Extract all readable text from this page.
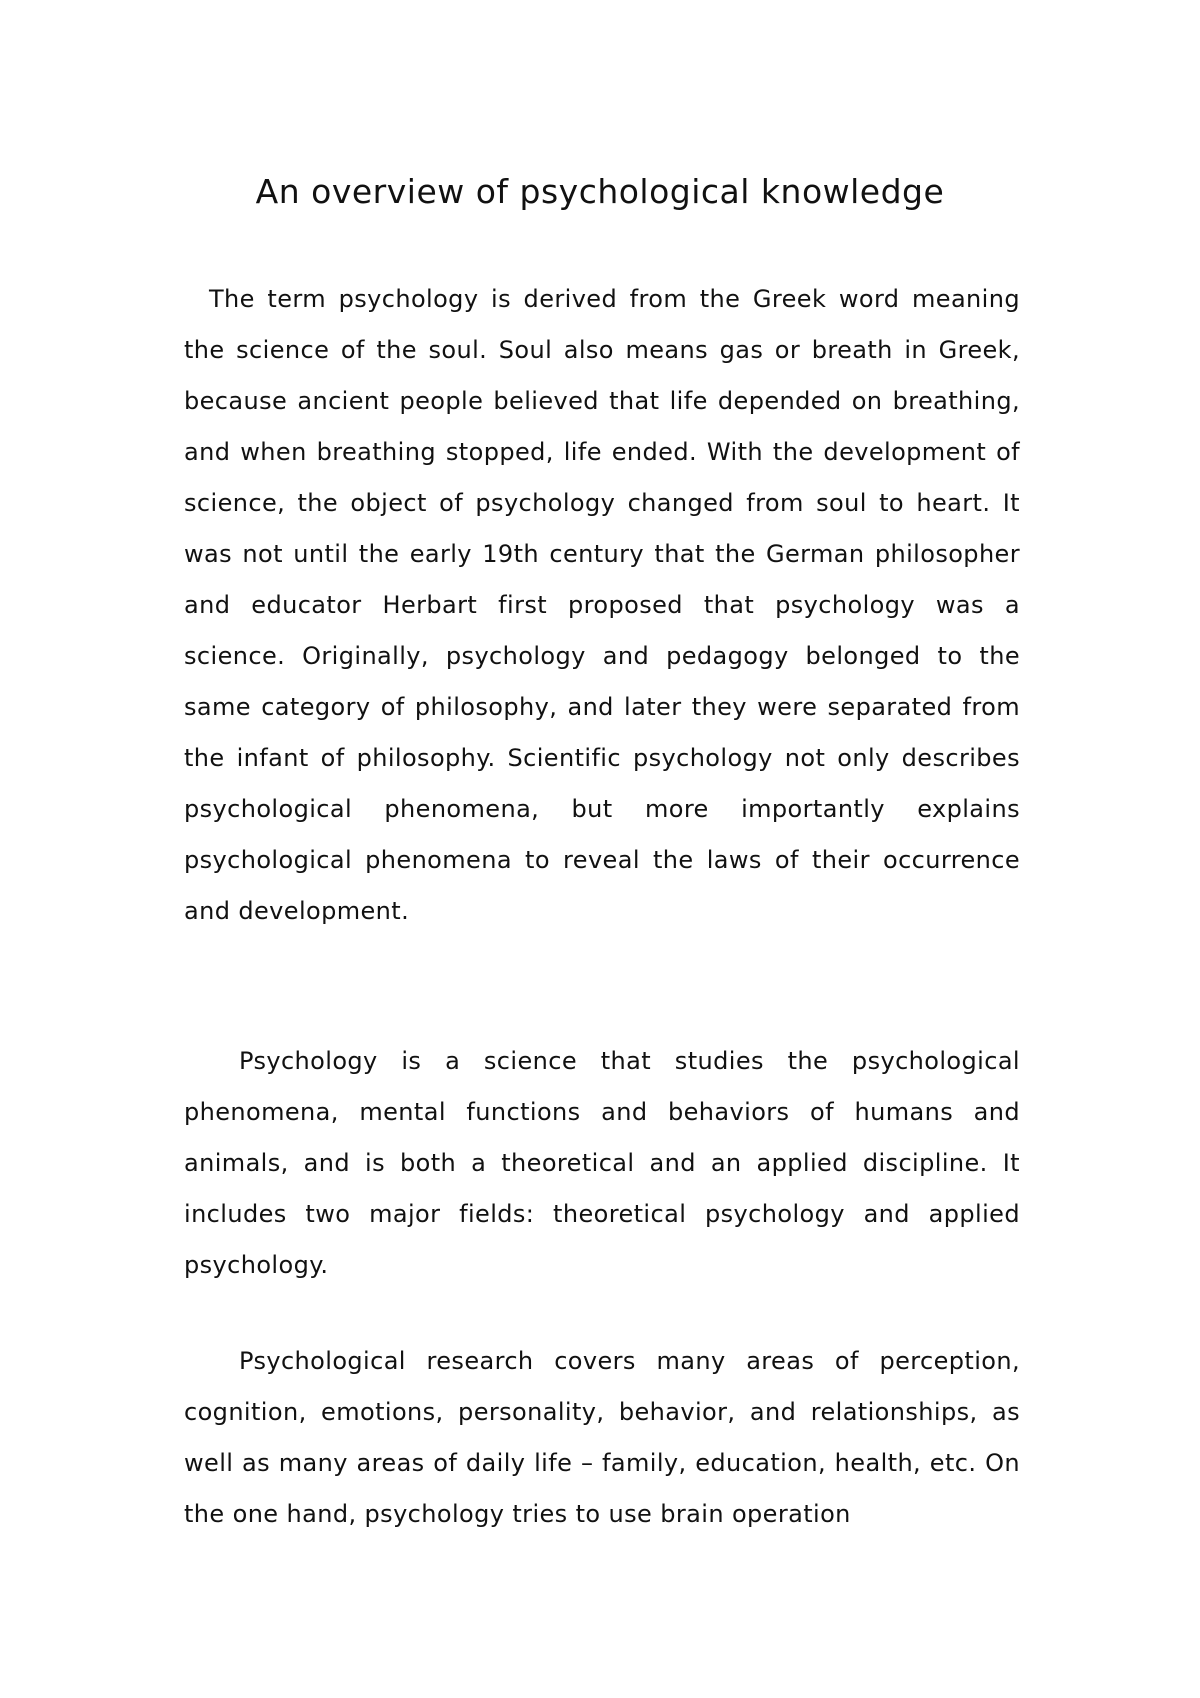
An overview of psychological knowledge

The term psychology is derived from the Greek word meaning the science of the soul. Soul also means gas or breath in Greek, because ancient people believed that life depended on breathing, and when breathing stopped, life ended. With the development of science, the object of psychology changed from soul to heart. It was not until the early 19th century that the German philosopher and educator Herbart first proposed that psychology was a science. Originally, psychology and pedagogy belonged to the same category of philosophy, and later they were separated from the infant of philosophy. Scientific psychology not only describes psychological phenomena, but more importantly explains psychological phenomena to reveal the laws of their occurrence and development.

Psychology is a science that studies the psychological phenomena, mental functions and behaviors of humans and animals, and is both a theoretical and an applied discipline. It includes two major fields: theoretical psychology and applied psychology.

Psychological research covers many areas of perception, cognition, emotions, personality, behavior, and relationships, as well as many areas of daily life – family, education, health, etc. On the one hand, psychology tries to use brain operation
